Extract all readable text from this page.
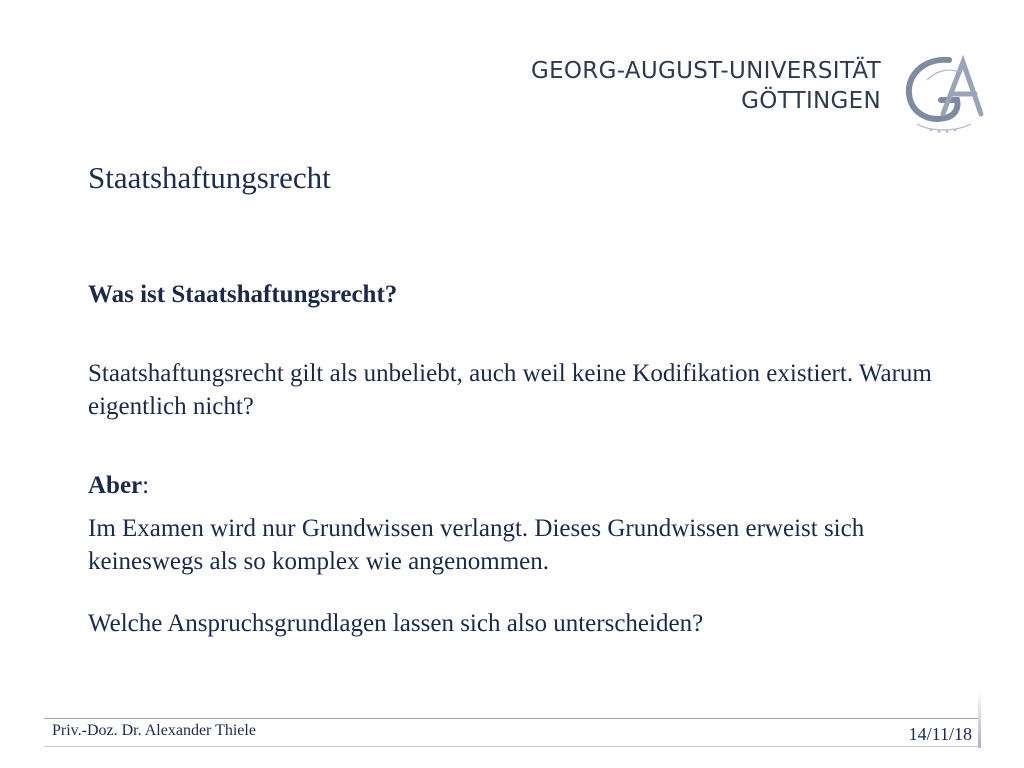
GEORG-AUGUST-UNIVERSITÄT
GÖTTINGEN
Staatshaftungsrecht

Was ist Staatshaftungsrecht?

Staatshaftungsrecht gilt als unbeliebt, auch weil keine Kodifikation existiert. Warum eigentlich nicht?

Aber:

Im Examen wird nur Grundwissen verlangt. Dieses Grundwissen erweist sich keineswegs als so komplex wie angenommen.

Welche Anspruchsgrundlagen lassen sich also unterscheiden?

Priv.-Doz. Dr. Alexander Thiele	14/11/18
